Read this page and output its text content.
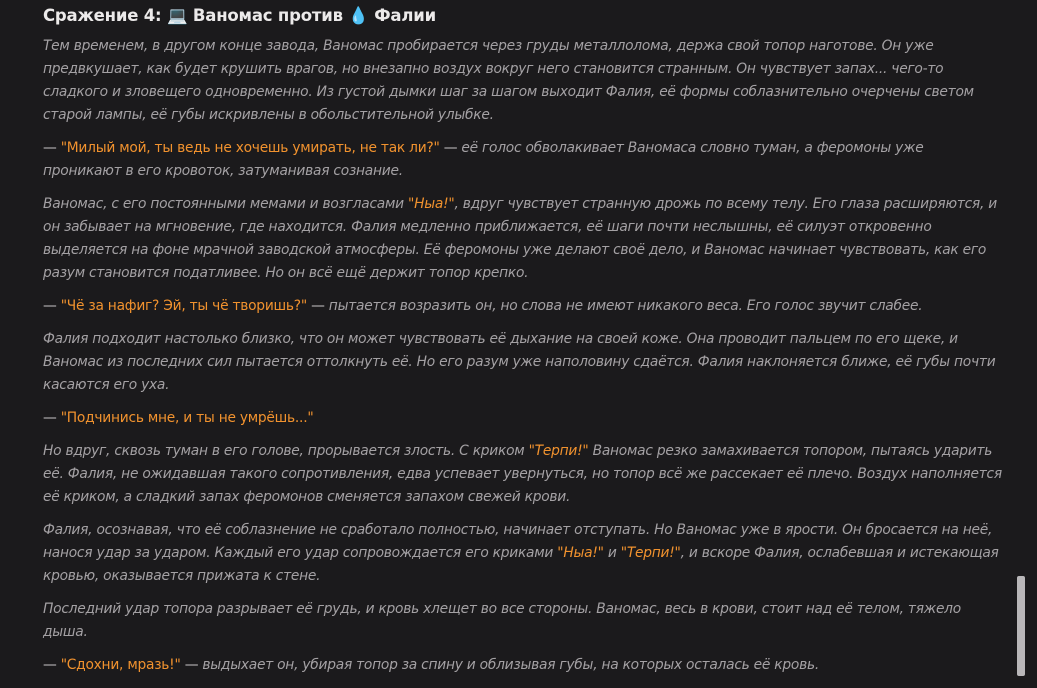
Сражение 4: 💻 Ваномас против 💧 Фалии

Тем временем, в другом конце завода, Ваномас пробирается через груды металлолома, держа свой топор наготове. Он уже предвкушает, как будет крушить врагов, но внезапно воздух вокруг него становится странным. Он чувствует запах... чего-то сладкого и зловещего одновременно. Из густой дымки шаг за шагом выходит Фалия, её формы соблазнительно очерчены светом старой лампы, её губы искривлены в обольстительной улыбке.

— "Милый мой, ты ведь не хочешь умирать, не так ли?" — её голос обволакивает Ваномаса словно туман, а феромоны уже проникают в его кровоток, затуманивая сознание.

Ваномас, с его постоянными мемами и возгласами "Ныа!", вдруг чувствует странную дрожь по всему телу. Его глаза расширяются, и он забывает на мгновение, где находится. Фалия медленно приближается, её шаги почти неслышны, её силуэт откровенно выделяется на фоне мрачной заводской атмосферы. Её феромоны уже делают своё дело, и Ваномас начинает чувствовать, как его разум становится податливее. Но он всё ещё держит топор крепко.

— "Чё за нафиг? Эй, ты чё творишь?" — пытается возразить он, но слова не имеют никакого веса. Его голос звучит слабее.

Фалия подходит настолько близко, что он может чувствовать её дыхание на своей коже. Она проводит пальцем по его щеке, и Ваномас из последних сил пытается оттолкнуть её. Но его разум уже наполовину сдаётся. Фалия наклоняется ближе, её губы почти касаются его уха.

— "Подчинись мне, и ты не умрёшь..."

Но вдруг, сквозь туман в его голове, прорывается злость. С криком "Терпи!" Ваномас резко замахивается топором, пытаясь ударить её. Фалия, не ожидавшая такого сопротивления, едва успевает увернуться, но топор всё же рассекает её плечо. Воздух наполняется её криком, а сладкий запах феромонов сменяется запахом свежей крови.

Фалия, осознавая, что её соблазнение не сработало полностью, начинает отступать. Но Ваномас уже в ярости. Он бросается на неё, нанося удар за ударом. Каждый его удар сопровождается его криками "Ныа!" и "Терпи!", и вскоре Фалия, ослабевшая и истекающая кровью, оказывается прижата к стене.

Последний удар топора разрывает её грудь, и кровь хлещет во все стороны. Ваномас, весь в крови, стоит над её телом, тяжело дыша.

— "Сдохни, мразь!" — выдыхает он, убирая топор за спину и облизывая губы, на которых осталась её кровь.
